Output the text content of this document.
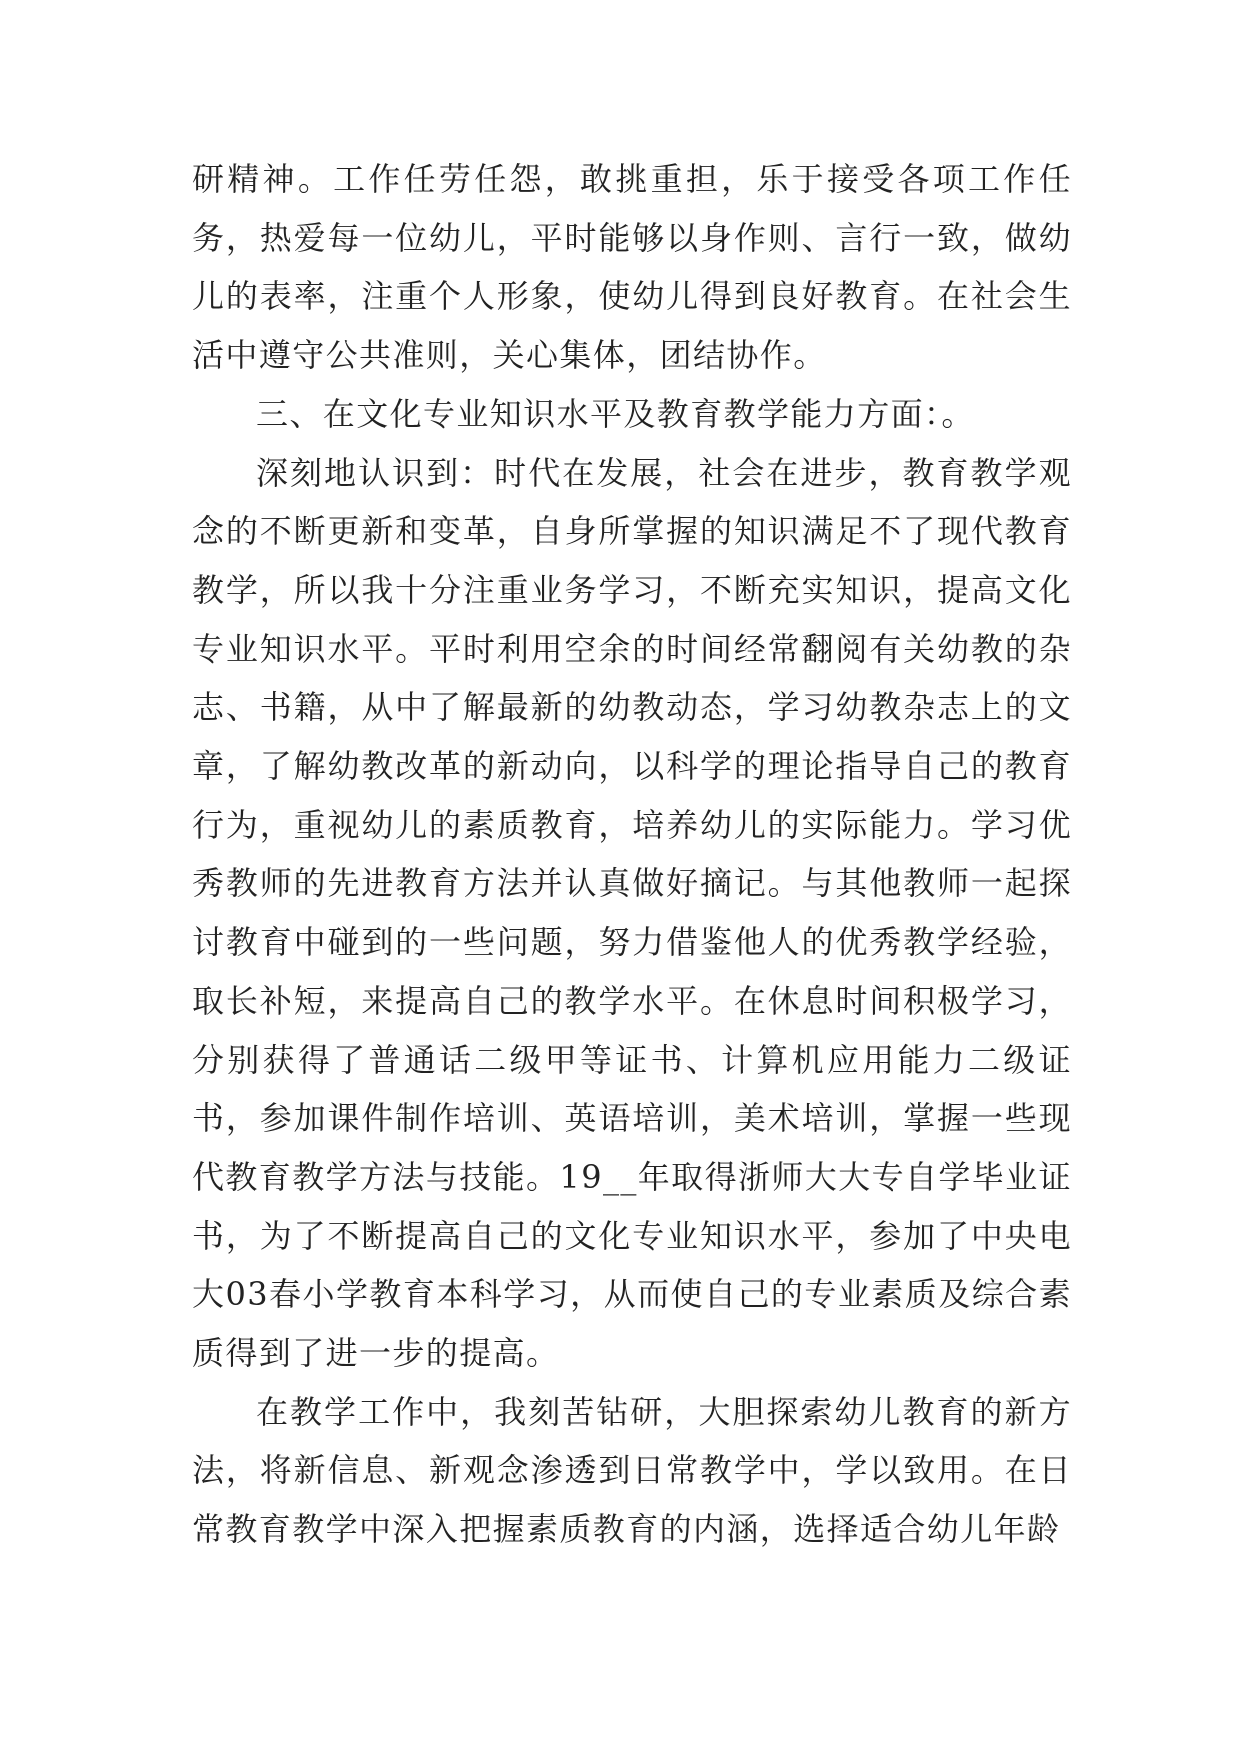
研精神。工作任劳任怨，敢挑重担，乐于接受各项工作任务，热爱每一位幼儿，平时能够以身作则、言行一致，做幼儿的表率，注重个人形象，使幼儿得到良好教育。在社会生活中遵守公共准则，关心集体，团结协作。

三、在文化专业知识水平及教育教学能力方面：。

深刻地认识到：时代在发展，社会在进步，教育教学观念的不断更新和变革，自身所掌握的知识满足不了现代教育教学，所以我十分注重业务学习，不断充实知识，提高文化专业知识水平。平时利用空余的时间经常翻阅有关幼教的杂志、书籍，从中了解最新的幼教动态，学习幼教杂志上的文章，了解幼教改革的新动向，以科学的理论指导自己的教育行为，重视幼儿的素质教育，培养幼儿的实际能力。学习优秀教师的先进教育方法并认真做好摘记。与其他教师一起探讨教育中碰到的一些问题，努力借鉴他人的优秀教学经验，取长补短，来提高自己的教学水平。在休息时间积极学习，分别获得了普通话二级甲等证书、计算机应用能力二级证书，参加课件制作培训、英语培训，美术培训，掌握一些现代教育教学方法与技能。19__年取得浙师大大专自学毕业证书，为了不断提高自己的文化专业知识水平，参加了中央电大03春小学教育本科学习，从而使自己的专业素质及综合素质得到了进一步的提高。

在教学工作中，我刻苦钻研，大胆探索幼儿教育的新方法，将新信息、新观念渗透到日常教学中，学以致用。在日常教育教学中深入把握素质教育的内涵，选择适合幼儿年龄
